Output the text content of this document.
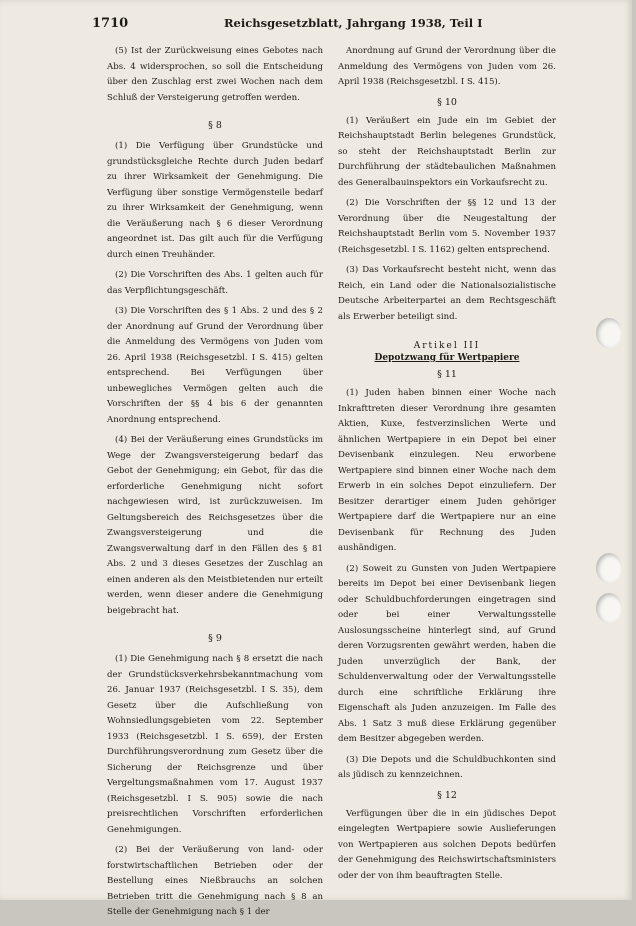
1710	Reichsgesetzblatt, Jahrgang 1938, Teil I

(5) Ist der Zurückweisung eines Gebotes nach Abs. 4 widersprochen, so soll die Entscheidung über den Zuschlag erst zwei Wochen nach dem Schluß der Versteigerung getroffen werden.

§ 8

(1) Die Verfügung über Grundstücke und grundstücksgleiche Rechte durch Juden bedarf zu ihrer Wirksamkeit der Genehmigung. Die Verfügung über sonstige Vermögensteile bedarf zu ihrer Wirksamkeit der Genehmigung, wenn die Veräußerung nach § 6 dieser Verordnung angeordnet ist. Das gilt auch für die Verfügung durch einen Treuhänder.

(2) Die Vorschriften des Abs. 1 gelten auch für das Verpflichtungsgeschäft.

(3) Die Vorschriften des § 1 Abs. 2 und des § 2 der Anordnung auf Grund der Verordnung über die Anmeldung des Vermögens von Juden vom 26. April 1938 (Reichsgesetzbl. I S. 415) gelten entsprechend. Bei Verfügungen über unbewegliches Vermögen gelten auch die Vorschriften der §§ 4 bis 6 der genannten Anordnung entsprechend.

(4) Bei der Veräußerung eines Grundstücks im Wege der Zwangsversteigerung bedarf das Gebot der Genehmigung; ein Gebot, für das die erforderliche Genehmigung nicht sofort nachgewiesen wird, ist zurückzuweisen. Im Geltungsbereich des Reichsgesetzes über die Zwangsversteigerung und die Zwangsverwaltung darf in den Fällen des § 81 Abs. 2 und 3 dieses Gesetzes der Zuschlag an einen anderen als den Meistbietenden nur erteilt werden, wenn dieser andere die Genehmigung beigebracht hat.

§ 9

(1) Die Genehmigung nach § 8 ersetzt die nach der Grundstücksverkehrsbekanntmachung vom 26. Januar 1937 (Reichsgesetzbl. I S. 35), dem Gesetz über die Aufschließung von Wohnsiedlungsgebieten vom 22. September 1933 (Reichsgesetzbl. I S. 659), der Ersten Durchführungsverordnung zum Gesetz über die Sicherung der Reichsgrenze und über Vergeltungsmaßnahmen vom 17. August 1937 (Reichsgesetzbl. I S. 905) sowie die nach preisrechtlichen Vorschriften erforderlichen Genehmigungen.

(2) Bei der Veräußerung von land- oder forstwirtschaftlichen Betrieben oder der Bestellung eines Nießbrauchs an solchen Betrieben tritt die Genehmigung nach § 8 an Stelle der Genehmigung nach § 1 der

Anordnung auf Grund der Verordnung über die Anmeldung des Vermögens von Juden vom 26. April 1938 (Reichsgesetzbl. I S. 415).

§ 10

(1) Veräußert ein Jude ein im Gebiet der Reichshauptstadt Berlin belegenes Grundstück, so steht der Reichshauptstadt Berlin zur Durchführung der städtebaulichen Maßnahmen des Generalbauinspektors ein Vorkaufsrecht zu.

(2) Die Vorschriften der §§ 12 und 13 der Verordnung über die Neugestaltung der Reichshauptstadt Berlin vom 5. November 1937 (Reichsgesetzbl. I S. 1162) gelten entsprechend.

(3) Das Vorkaufsrecht besteht nicht, wenn das Reich, ein Land oder die Nationalsozialistische Deutsche Arbeiterpartei an dem Rechtsgeschäft als Erwerber beteiligt sind.

Artikel III
Depotzwang für Wertpapiere
§ 11

(1) Juden haben binnen einer Woche nach Inkrafttreten dieser Verordnung ihre gesamten Aktien, Kuxe, festverzinslichen Werte und ähnlichen Wertpapiere in ein Depot bei einer Devisenbank einzulegen. Neu erworbene Wertpapiere sind binnen einer Woche nach dem Erwerb in ein solches Depot einzuliefern. Der Besitzer derartiger einem Juden gehöriger Wertpapiere darf die Wertpapiere nur an eine Devisenbank für Rechnung des Juden aushändigen.

(2) Soweit zu Gunsten von Juden Wertpapiere bereits im Depot bei einer Devisenbank liegen oder Schuldbuchforderungen eingetragen sind oder bei einer Verwaltungsstelle Auslosungsscheine hinterlegt sind, auf Grund deren Vorzugsrenten gewährt werden, haben die Juden unverzüglich der Bank, der Schuldenverwaltung oder der Verwaltungsstelle durch eine schriftliche Erklärung ihre Eigenschaft als Juden anzuzeigen. Im Falle des Abs. 1 Satz 3 muß diese Erklärung gegenüber dem Besitzer abgegeben werden.

(3) Die Depots und die Schuldbuchkonten sind als jüdisch zu kennzeichnen.

§ 12

Verfügungen über die in ein jüdisches Depot eingelegten Wertpapiere sowie Auslieferungen von Wertpapieren aus solchen Depots bedürfen der Genehmigung des Reichswirtschaftsministers oder der von ihm beauftragten Stelle.
